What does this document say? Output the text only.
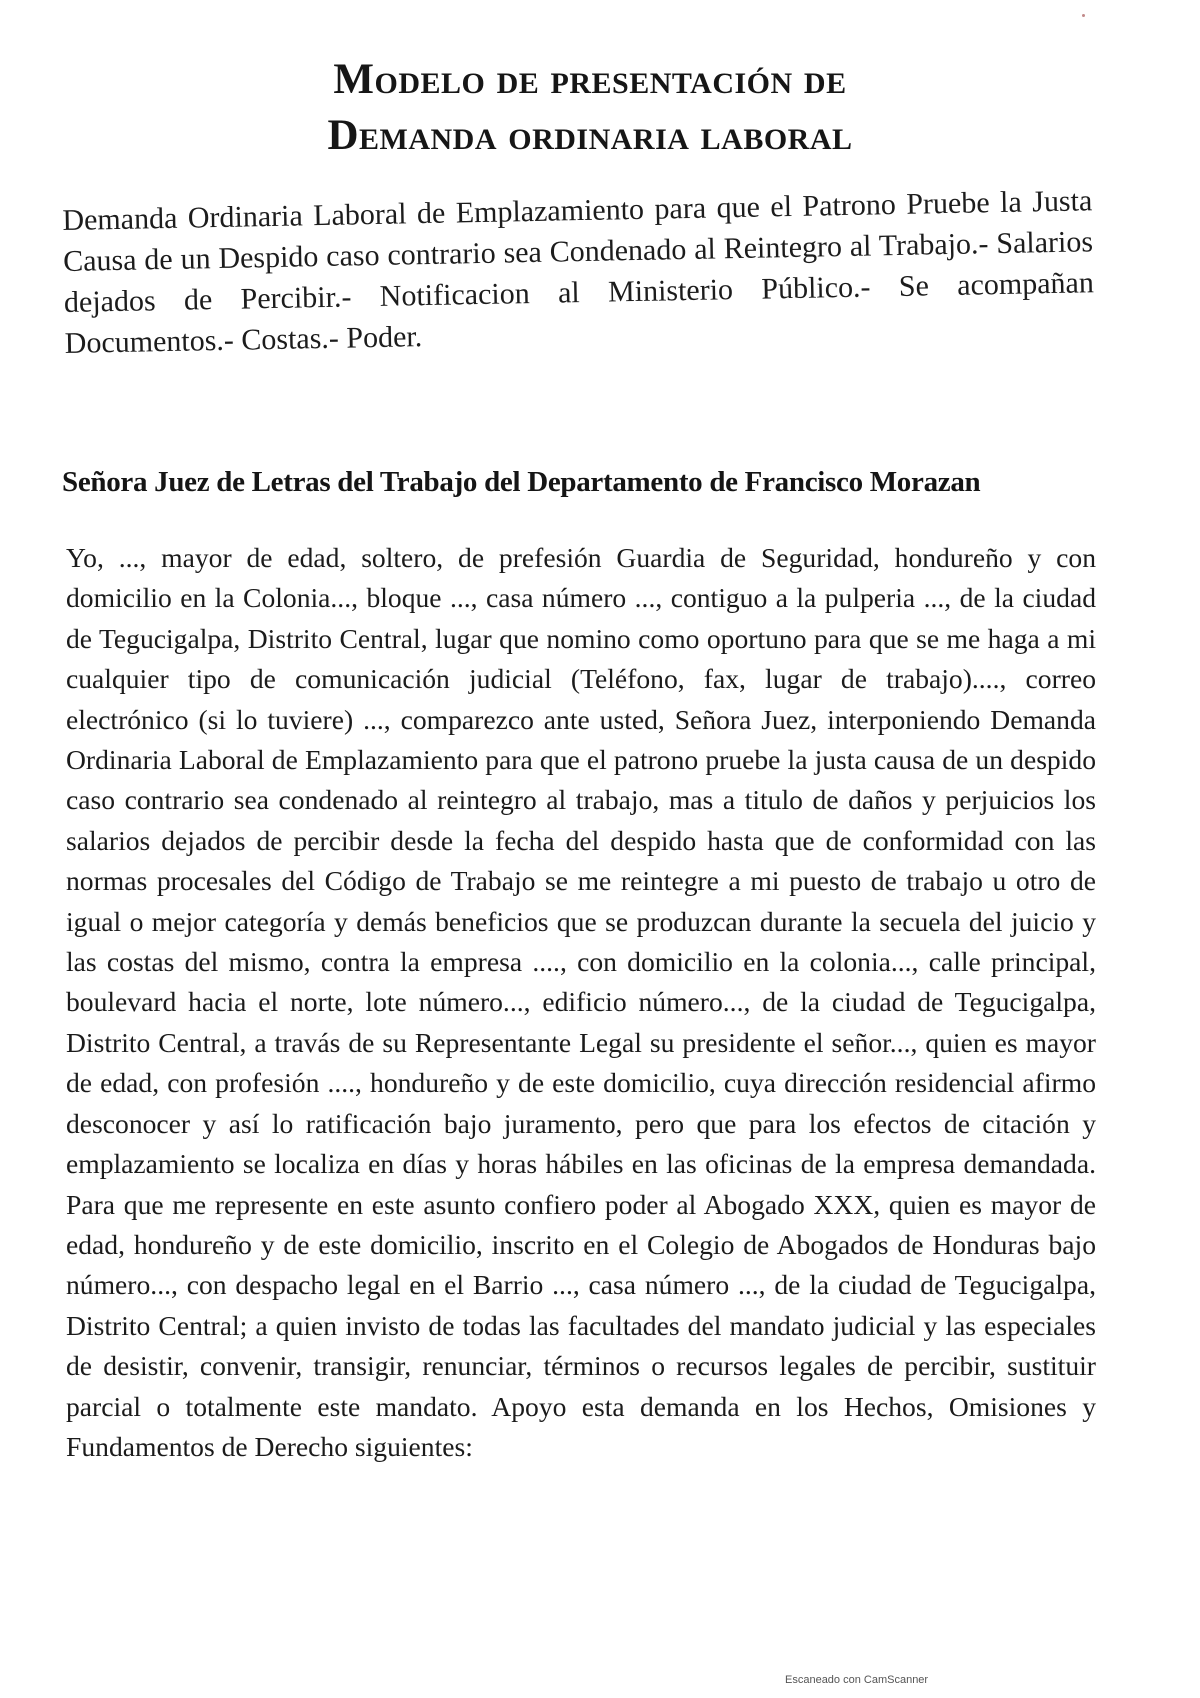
Modelo de presentación de
Demanda ordinaria laboral
Demanda Ordinaria Laboral de Emplazamiento para que el Patrono Pruebe la Justa Causa de un Despido caso contrario sea Condenado al Reintegro al Trabajo.- Salarios dejados de Percibir.- Notificacion al Ministerio Público.- Se acompañan Documentos.- Costas.- Poder.
Señora Juez de Letras del Trabajo del Departamento de Francisco Morazan
Yo, ..., mayor de edad, soltero, de prefesión Guardia de Seguridad, hondureño y con domicilio en la Colonia..., bloque ..., casa número ..., contiguo a la pulperia ..., de la ciudad de Tegucigalpa, Distrito Central, lugar que nomino como oportuno para que se me haga a mi cualquier tipo de comunicación judicial (Teléfono, fax, lugar de trabajo)...., correo electrónico (si lo tuviere) ..., comparezco ante usted, Señora Juez, interponiendo Demanda Ordinaria Laboral de Emplazamiento para que el patrono pruebe la justa causa de un despido caso contrario sea condenado al reintegro al trabajo, mas a titulo de daños y perjuicios los salarios dejados de percibir desde la fecha del despido hasta que de conformidad con las normas procesales del Código de Trabajo se me reintegre a mi puesto de trabajo u otro de igual o mejor categoría y demás beneficios que se produzcan durante la secuela del juicio y las costas del mismo, contra la empresa ...., con domicilio en la colonia..., calle principal, boulevard hacia el norte, lote número..., edificio número..., de la ciudad de Tegucigalpa, Distrito Central, a travás de su Representante Legal su presidente el señor..., quien es mayor de edad, con profesión ...., hondureño y de este domicilio, cuya dirección residencial afirmo desconocer y así lo ratificación bajo juramento, pero que para los efectos de citación y emplazamiento se localiza en días y horas hábiles en las oficinas de la empresa demandada. Para que me represente en este asunto confiero poder al Abogado XXX, quien es mayor de edad, hondureño y de este domicilio, inscrito en el Colegio de Abogados de Honduras bajo número..., con despacho legal en el Barrio ..., casa número ..., de la ciudad de Tegucigalpa, Distrito Central; a quien invisto de todas las facultades del mandato judicial y las especiales de desistir, convenir, transigir, renunciar, términos o recursos legales de percibir, sustituir parcial o totalmente este mandato. Apoyo esta demanda en los Hechos, Omisiones y Fundamentos de Derecho siguientes:
Escaneado con CamScanner
